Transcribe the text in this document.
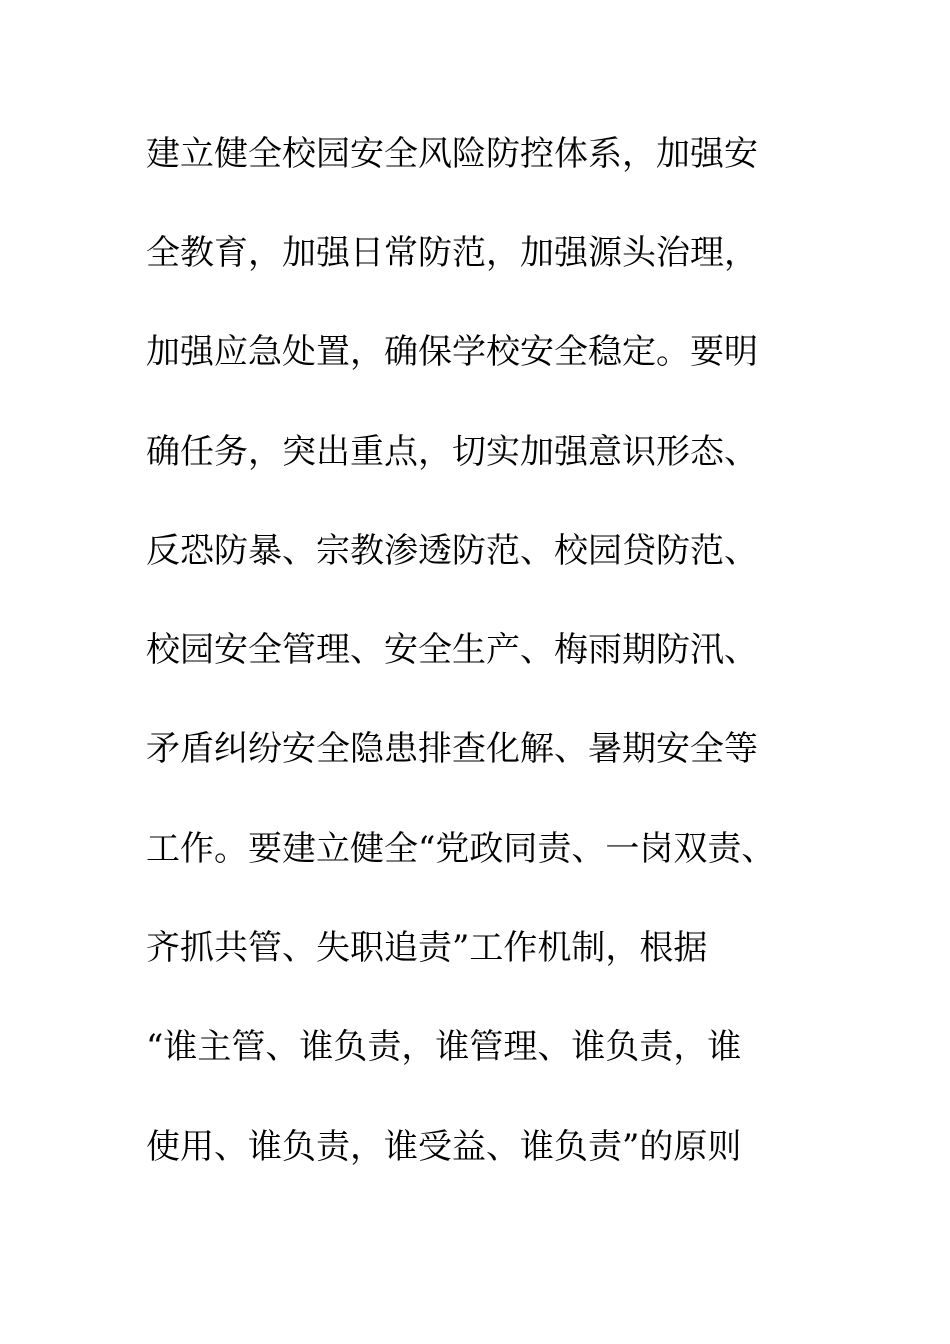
建立健全校园安全风险防控体系，加强安
全教育，加强日常防范，加强源头治理，
加强应急处置，确保学校安全稳定。要明
确任务，突出重点，切实加强意识形态、
反恐防暴、宗教渗透防范、校园贷防范、
校园安全管理、安全生产、梅雨期防汛、
矛盾纠纷安全隐患排查化解、暑期安全等
工作。要建立健全“党政同责、一岗双责、
齐抓共管、失职追责”工作机制，根据
“谁主管、谁负责，谁管理、谁负责，谁
使用、谁负责，谁受益、谁负责”的原则
